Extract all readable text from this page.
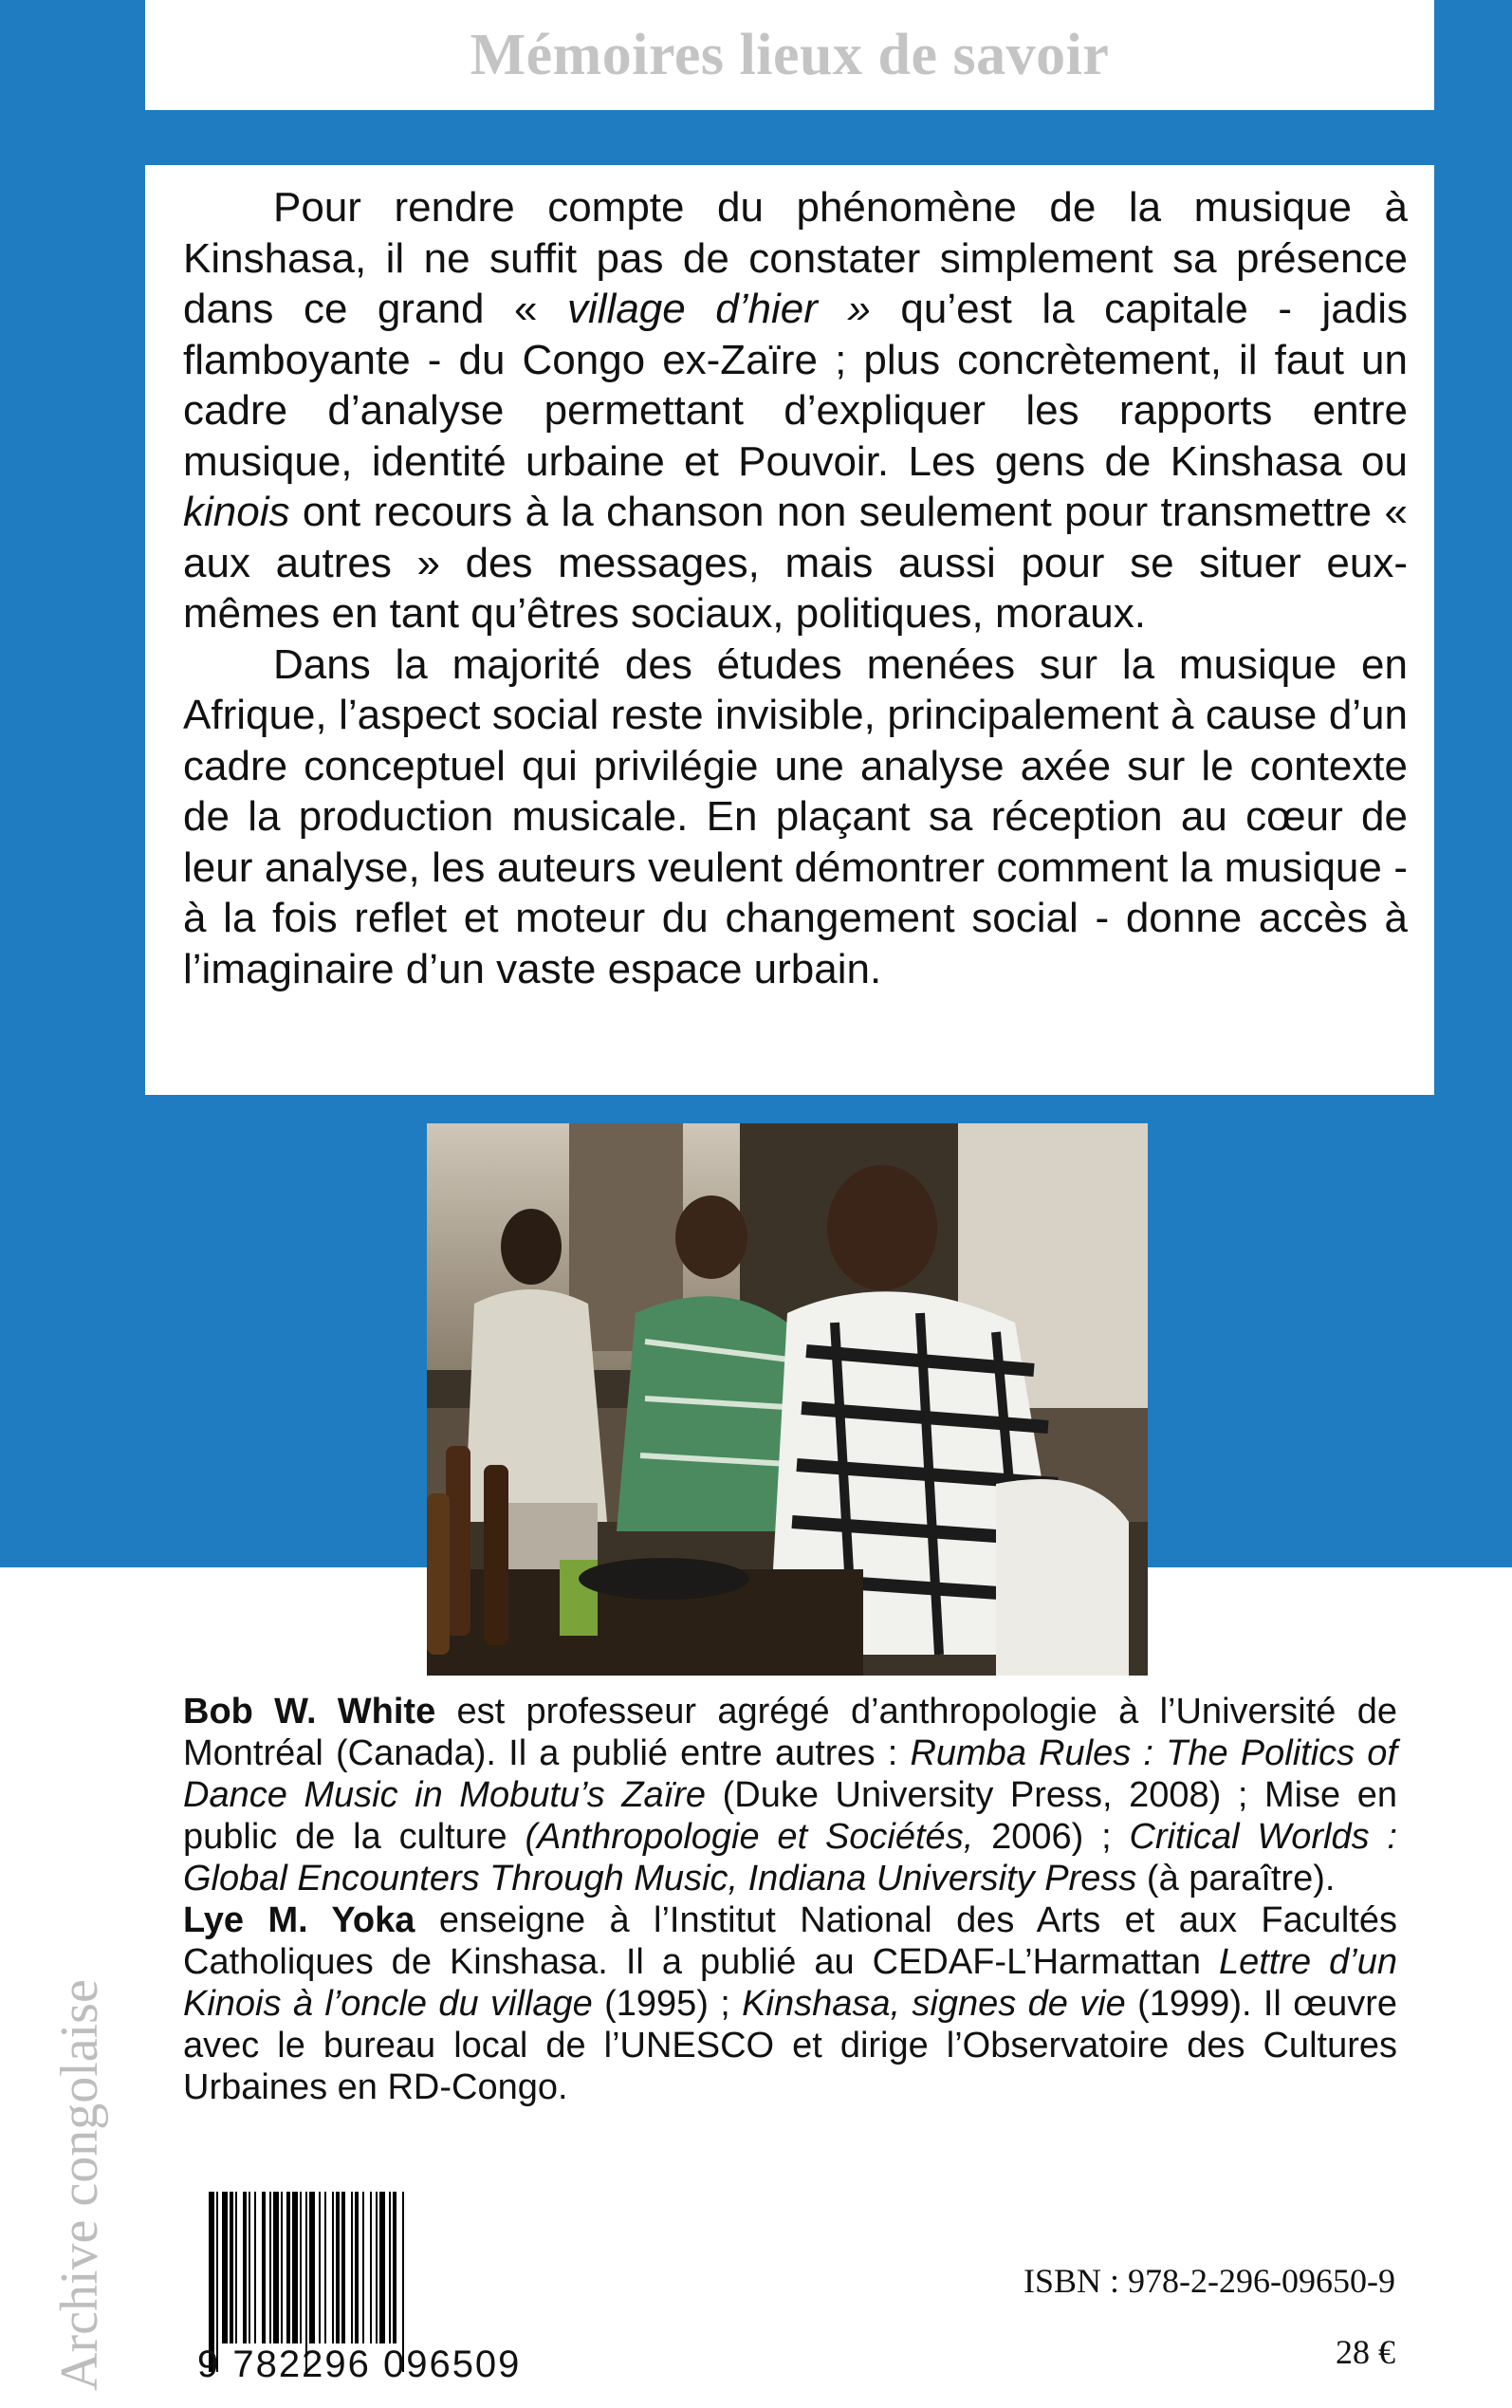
Mémoires lieux de savoir

Pour rendre compte du phénomène de la musique à Kinshasa, il ne suffit pas de constater simplement sa présence dans ce grand « village d’hier » qu’est la capitale - jadis flamboyante - du Congo ex-Zaïre ; plus concrètement, il faut un cadre d’analyse permettant d’expliquer les rapports entre musique, identité urbaine et Pouvoir. Les gens de Kinshasa ou kinois ont recours à la chanson non seulement pour transmettre « aux autres » des messages, mais aussi pour se situer eux-mêmes en tant qu’êtres sociaux, politiques, moraux.

Dans la majorité des études menées sur la musique en Afrique, l’aspect social reste invisible, principalement à cause d’un cadre conceptuel qui privilégie une analyse axée sur le contexte de la production musicale. En plaçant sa réception au cœur de leur analyse, les auteurs veulent démontrer comment la musique - à la fois reflet et moteur du changement social - donne accès à l’imaginaire d’un vaste espace urbain.

Bob W. White est professeur agrégé d’anthropologie à l’Université de Montréal (Canada). Il a publié entre autres : Rumba Rules : The Politics of Dance Music in Mobutu’s Zaïre (Duke University Press, 2008) ; Mise en public de la culture (Anthropologie et Sociétés, 2006) ; Critical Worlds : Global Encounters Through Music, Indiana University Press (à paraître).

Lye M. Yoka enseigne à l’Institut National des Arts et aux Facultés Catholiques de Kinshasa. Il a publié au CEDAF-L’Harmattan Lettre d’un Kinois à l’oncle du village (1995) ; Kinshasa, signes de vie (1999). Il œuvre avec le bureau local de l’UNESCO et dirige l’Observatoire des Cultures Urbaines en RD-Congo.

Archive congolaise 9 782296 096509
ISBN : 978-2-296-09650-9
28 €
